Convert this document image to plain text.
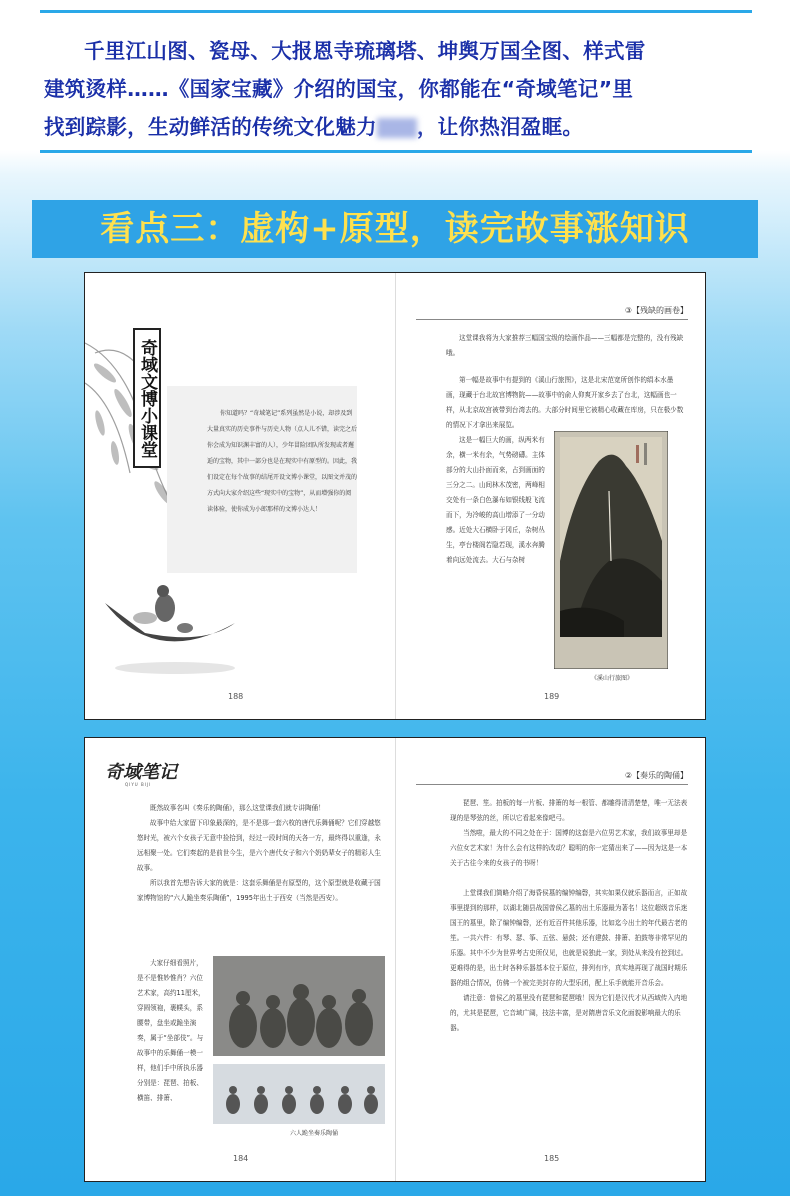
千里江山图、瓷母、大报恩寺琉璃塔、坤舆万国全图、样式雷
建筑烫样……《国家宝藏》介绍的国宝，你都能在“奇域笔记”里
找到踪影，生动鲜活的传统文化魅力 ，让你热泪盈眶。
看点三：虚构+原型，读完故事涨知识
奇域文博小课堂	你知道吗？“奇域笔记”系列虽然是小说，却涉及到大量真实的历史事件与历史人物（点人儿不错，读完之后你会成为知识渊丰富的人），少年冒险团队所发现或者邂逅的宝物，其中一部分也是在现实中有原型的。因此，我们设定在每个故事的结尾开设文博小课堂，以图文并茂的方式向大家介绍这些“现实中的宝物”，从而增强你的阅读体验，使你成为小郎那样的文博小达人！

188
③【残缺的画卷】

这堂课我将为大家推荐三幅国宝级的绘画作品——三幅都是完整的，没有残缺哦。

第一幅是故事中有提到的《溪山行旅图》，这是北宋范宽所创作的绢本水墨画，现藏于台北故宫博物院——故事中的俞人仰爽开家乡去了台北，这幅画也一样，从北京故宫被带到台湾去的。大部分时间里它被精心收藏在库房，只在极少数的情况下才拿出来展览。

这是一幅巨大的画，纵两米有余，横一米有余，气势磅礴。主体部分的大山扑面而来，占到画面的三分之二。山间林木茂密，两峰相交处有一条白色瀑布如银线般飞流而下，为冷峻的高山增添了一分动感。近处大石横卧于冈丘，杂树丛生，亭台楼阁若隐若现，溪水奔腾着向远处流去。大石与杂树

《溪山行旅图》
189
奇域笔记
QIYU BIJI

既然故事名叫《奏乐的陶俑》，那么这堂课我们就专讲陶俑！

故事中给大家留下印象最深的，是不是那一套六枚的唐代乐舞俑呢？它们穿越悠悠时光，被六个女孩子无意中捡拾到，经过一段时间的天各一方，最终得以重逢，永远相聚一处。它们奏起的是前世今生，是六个唐代女子和六个奶奶辈女子的精彩人生故事。

所以我首先想告诉大家的就是：这套乐舞俑是有原型的，这个原型就是收藏于国家博物馆的“六人跪坐奏乐陶俑”，1995年出土于西安（当然是西安）。

大家仔细看照片，是不是惟妙惟肖？六位艺术家，高约11厘米，穿圆领袍，裹幞头，系腰带，盘坐或跪坐演奏，属于“坐部伎”。与故事中的乐舞俑一模一样，他们手中所执乐器分别是：琵琶、拍板、横笛、排箫、

六人跪坐奏乐陶俑
184
②【奏乐的陶俑】

琵琶、笙。拍板的每一片板、排箫的每一根管、都雕得清清楚楚，唯一无法表现的是琴弦的丝，所以它看起来像吧弓。

当然啦，最大的不同之处在于：国博的这套是六位男艺术家，我们故事里却是六位女艺术家！为什么会有这样的改动？聪明的你一定猜出来了——因为这是一本关于古往今来的女孩子的书呀！

上堂课我们简略介绍了海昏侯墓的编钟编磬，其实如果仅就乐器而言，正如故事里提到的那样，以湖北随县战国曾侯乙墓的出土乐器最为著名！这位超级音乐迷国王的墓里，除了编钟编磬，还有近百件其他乐器，比如迄今出土的年代最古老的笙。一共六件：有琴、瑟、筝、五弦、悬鼓；还有建鼓、排箫、拍鼓等非常罕见的乐器。其中不少为世界考古史所仅见，也就是说独此一家，到处从来没有挖到过。更难得的是，出土时各种乐器基本位于原位，排列有序，真实地再现了战国时期乐器的组合情况，仿佛一个被完美封存的大型乐团，配上乐手就能开音乐会。

请注意：曾侯乙的墓里没有琵琶和琵琶哦！因为它们是汉代才从西域传入内地的，尤其是琵琶，它音域广阔，技法丰富，是对隋唐音乐文化面貌影响最大的乐器。

185
